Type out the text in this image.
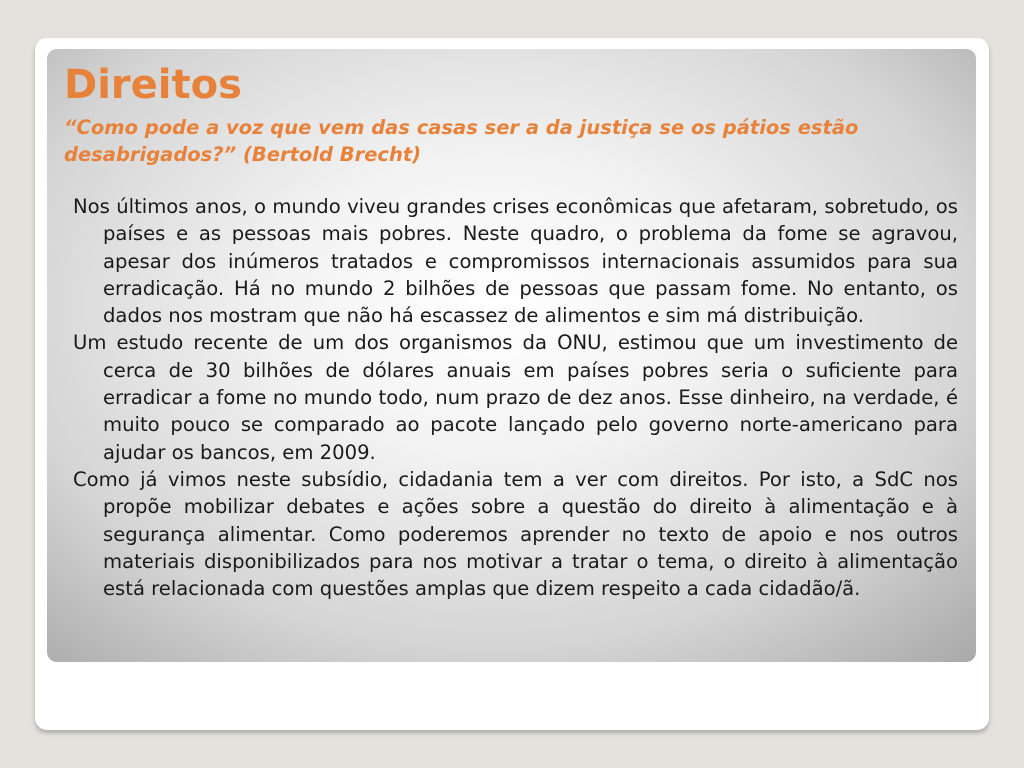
Direitos

“Como pode a voz que vem das casas ser a da justiça se os pátios estão desabrigados?” (Bertold Brecht)

Nos últimos anos, o mundo viveu grandes crises econômicas que afetaram, sobretudo, os países e as pessoas mais pobres. Neste quadro, o problema da fome se agravou, apesar dos inúmeros tratados e compromissos internacionais assumidos para sua erradicação. Há no mundo 2 bilhões de pessoas que passam fome. No entanto, os dados nos mostram que não há escassez de alimentos e sim má distribuição.

Um estudo recente de um dos organismos da ONU, estimou que um investimento de cerca de 30 bilhões de dólares anuais em países pobres seria o suficiente para erradicar a fome no mundo todo, num prazo de dez anos. Esse dinheiro, na verdade, é muito pouco se comparado ao pacote lançado pelo governo norte-americano para ajudar os bancos, em 2009.

Como já vimos neste subsídio, cidadania tem a ver com direitos. Por isto, a SdC nos propõe mobilizar debates e ações sobre a questão do direito à alimentação e à segurança alimentar. Como poderemos aprender no texto de apoio e nos outros materiais disponibilizados para nos motivar a tratar o tema, o direito à alimentação está relacionada com questões amplas que dizem respeito a cada cidadão/ã.
